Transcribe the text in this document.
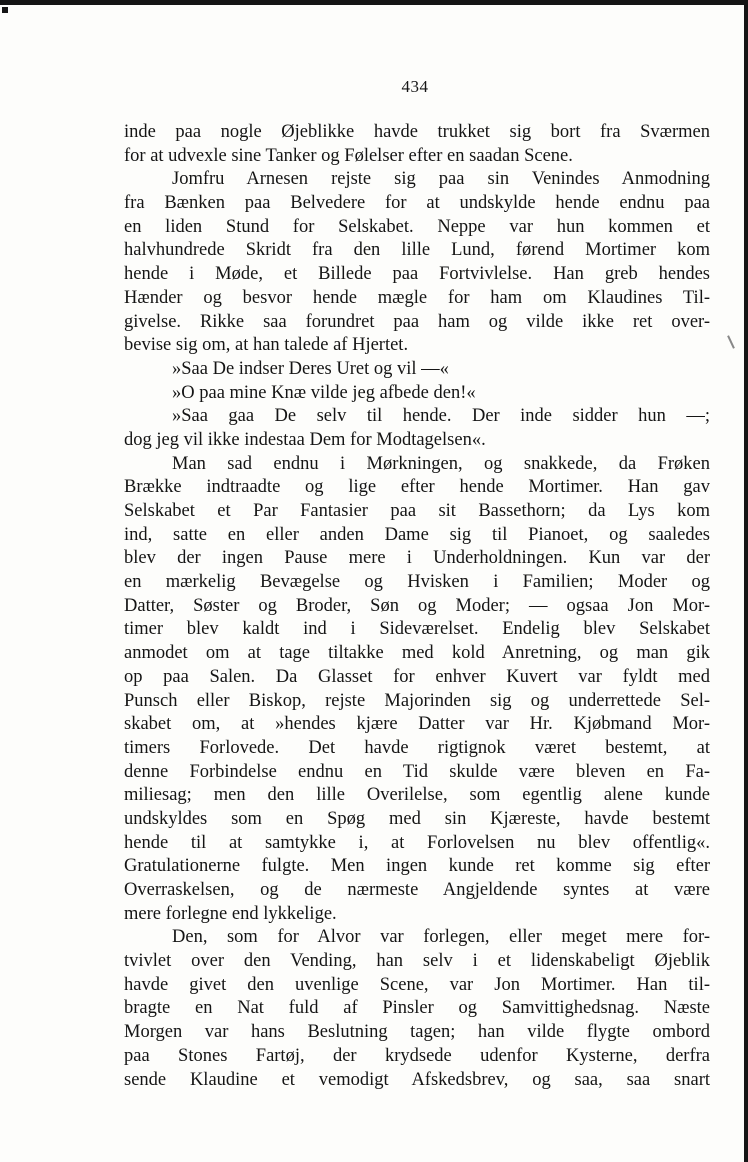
434
inde paa nogle Øjeblikke havde trukket sig bort fra Sværmen
for at udvexle sine Tanker og Følelser efter en saadan Scene.
Jomfru Arnesen rejste sig paa sin Venindes Anmodning
fra Bænken paa Belvedere for at undskylde hende endnu paa
en liden Stund for Selskabet. Neppe var hun kommen et
halvhundrede Skridt fra den lille Lund, førend Mortimer kom
hende i Møde, et Billede paa Fortvivlelse. Han greb hendes
Hænder og besvor hende mægle for ham om Klaudines Til-
givelse. Rikke saa forundret paa ham og vilde ikke ret over-
bevise sig om, at han talede af Hjertet.
»Saa De indser Deres Uret og vil —«
»O paa mine Knæ vilde jeg afbede den!«
»Saa gaa De selv til hende. Der inde sidder hun —;
dog jeg vil ikke indestaa Dem for Modtagelsen«.
Man sad endnu i Mørkningen, og snakkede, da Frøken
Brække indtraadte og lige efter hende Mortimer. Han gav
Selskabet et Par Fantasier paa sit Bassethorn; da Lys kom
ind, satte en eller anden Dame sig til Pianoet, og saaledes
blev der ingen Pause mere i Underholdningen. Kun var der
en mærkelig Bevægelse og Hvisken i Familien; Moder og
Datter, Søster og Broder, Søn og Moder; — ogsaa Jon Mor-
timer blev kaldt ind i Sideværelset. Endelig blev Selskabet
anmodet om at tage tiltakke med kold Anretning, og man gik
op paa Salen. Da Glasset for enhver Kuvert var fyldt med
Punsch eller Biskop, rejste Majorinden sig og underrettede Sel-
skabet om, at »hendes kjære Datter var Hr. Kjøbmand Mor-
timers Forlovede. Det havde rigtignok været bestemt, at
denne Forbindelse endnu en Tid skulde være bleven en Fa-
miliesag; men den lille Overilelse, som egentlig alene kunde
undskyldes som en Spøg med sin Kjæreste, havde bestemt
hende til at samtykke i, at Forlovelsen nu blev offentlig«.
Gratulationerne fulgte. Men ingen kunde ret komme sig efter
Overraskelsen, og de nærmeste Angjeldende syntes at være
mere forlegne end lykkelige.
Den, som for Alvor var forlegen, eller meget mere for-
tvivlet over den Vending, han selv i et lidenskabeligt Øjeblik
havde givet den uvenlige Scene, var Jon Mortimer. Han til-
bragte en Nat fuld af Pinsler og Samvittighedsnag. Næste
Morgen var hans Beslutning tagen; han vilde flygte ombord
paa Stones Fartøj, der krydsede udenfor Kysterne, derfra
sende Klaudine et vemodigt Afskedsbrev, og saa, saa snart
